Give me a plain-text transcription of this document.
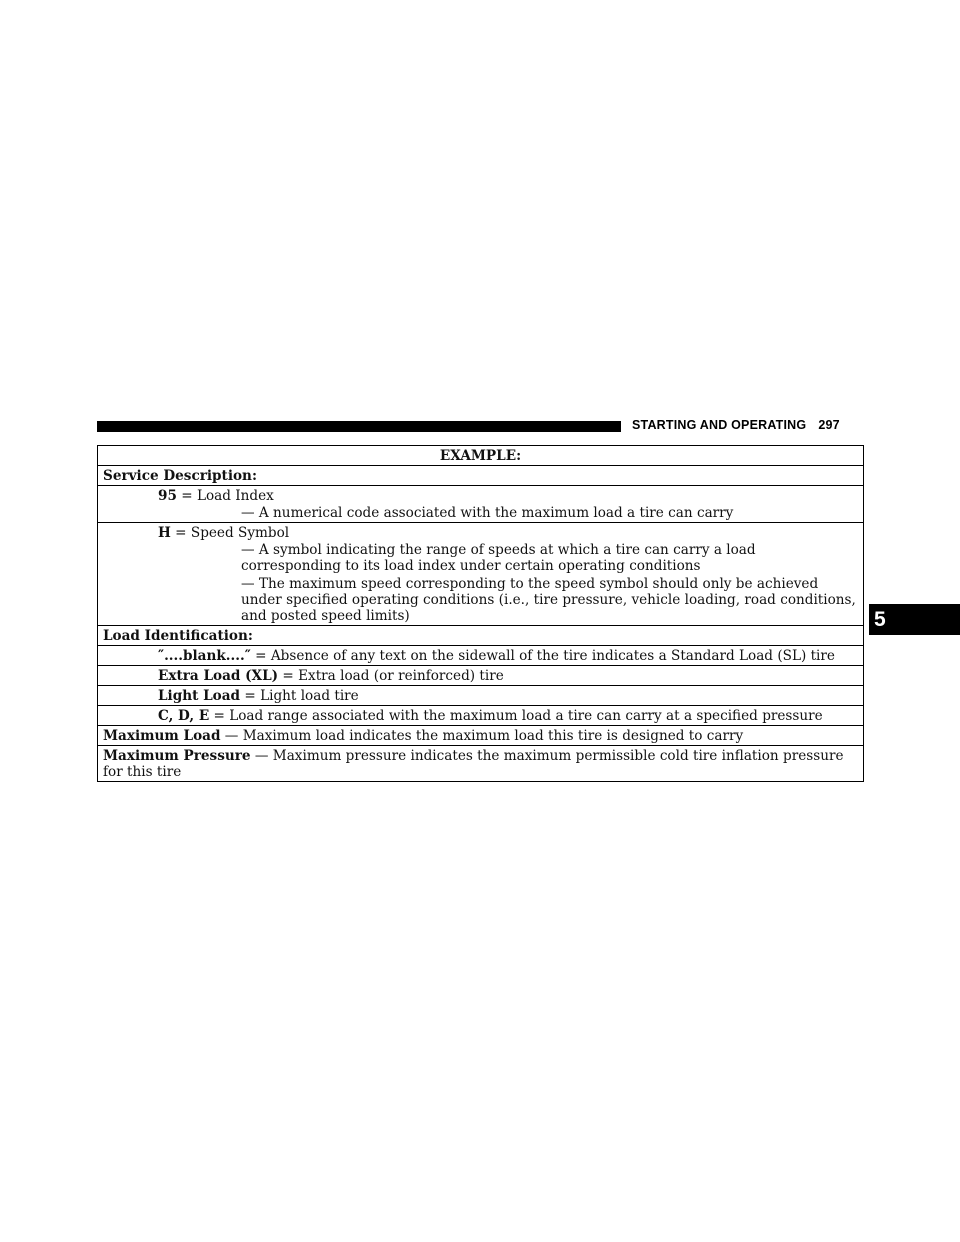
STARTING AND OPERATING 297
5
EXAMPLE:
Service Description:

95 = Load Index
— A numerical code associated with the maximum load a tire can carry

H = Speed Symbol
— A symbol indicating the range of speeds at which a tire can carry a load corresponding to its load index under certain operating conditions
— The maximum speed corresponding to the speed symbol should only be achieved under specified operating conditions (i.e., tire pressure, vehicle loading, road conditions, and posted speed limits)

Load Identification:

″....blank....″ = Absence of any text on the sidewall of the tire indicates a Standard Load (SL) tire

Extra Load (XL) = Extra load (or reinforced) tire

Light Load = Light load tire

C, D, E = Load range associated with the maximum load a tire can carry at a specified pressure

Maximum Load — Maximum load indicates the maximum load this tire is designed to carry
Maximum Pressure — Maximum pressure indicates the maximum permissible cold tire inflation pressure for this tire
